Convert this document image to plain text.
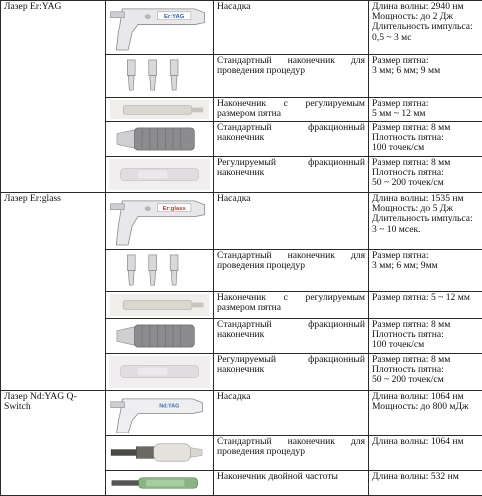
Лазер Er:YAG	Er:YAG	Насадка	Длина волны: 2940 нм
Мощность: до 2 Дж
Длительность импульса:
0,5 ~ 3 мс

	Стандартный наконечник для проведения процедур	Размер пятна:
3 мм; 6 мм; 9 мм

	Наконечник с регулируемым размером пятна	Размер пятна:
5 мм ~ 12 мм

	Стандартный фракционный наконечник	Размер пятна: 8 мм
Плотность пятна:
100 точек/см

	Регулируемый фракционный наконечник	Размер пятна: 8 мм
Плотность пятна:
50 ~ 200 точек/см

Лазер Er:glass	Er:glass	Насадка	Длина волны: 1535 нм
Мощность: до 5 Дж
Длительность импульса:
3 ~ 10 мсек.

	Стандартный наконечник для проведения процедур	Размер пятна:
3 мм; 6 мм; 9мм

	Наконечник с регулируемым размером пятна	Размер пятна: 5 ~ 12 мм

	Стандартный фракционный наконечник	Размер пятна: 8 мм
Плотность пятна:
100 точек/см

	Регулируемый фракционный наконечник	Размер пятна: 8 мм
Плотность пятна:
50 ~ 200 точек/см

Лазер Nd:YAG Q-Switch	Nd:YAG	Насадка	Длина волны: 1064 нм
Мощность: до 800 мДж

	Стандартный наконечник для проведения процедур	Длина волны: 1064 нм

	Наконечник двойной частоты	Длина волны: 532 нм
